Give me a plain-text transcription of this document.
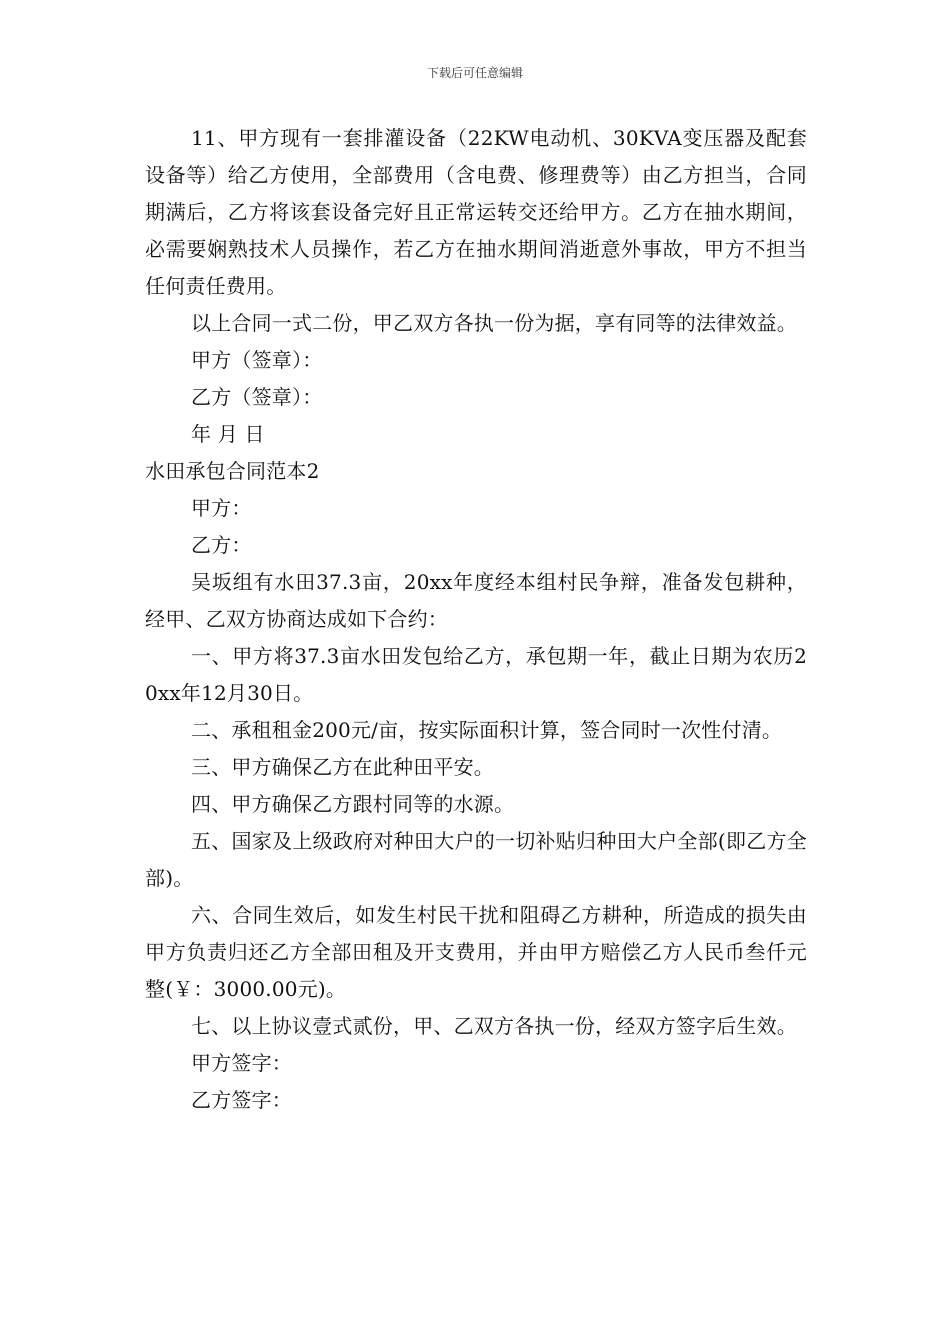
下载后可任意编辑

11、甲方现有一套排灌设备（22KW电动机、30KVA变压器及配套设备等）给乙方使用，全部费用（含电费、修理费等）由乙方担当，合同期满后，乙方将该套设备完好且正常运转交还给甲方。乙方在抽水期间，必需要娴熟技术人员操作，若乙方在抽水期间消逝意外事故，甲方不担当任何责任费用。

以上合同一式二份，甲乙双方各执一份为据，享有同等的法律效益。

甲方（签章）：

乙方（签章）：

年 月 日

水田承包合同范本2

甲方：

乙方：

吴坂组有水田37.3亩，20xx年度经本组村民争辩，准备发包耕种，经甲、乙双方协商达成如下合约：

一、甲方将37.3亩水田发包给乙方，承包期一年，截止日期为农历20xx年12月30日。

二、承租租金200元/亩，按实际面积计算，签合同时一次性付清。

三、甲方确保乙方在此种田平安。

四、甲方确保乙方跟村同等的水源。

五、国家及上级政府对种田大户的一切补贴归种田大户全部(即乙方全部)。

六、合同生效后，如发生村民干扰和阻碍乙方耕种，所造成的损失由甲方负责归还乙方全部田租及开支费用，并由甲方赔偿乙方人民币叁仟元整(￥：3000.00元)。

七、以上协议壹式贰份，甲、乙双方各执一份，经双方签字后生效。

甲方签字：

乙方签字：
